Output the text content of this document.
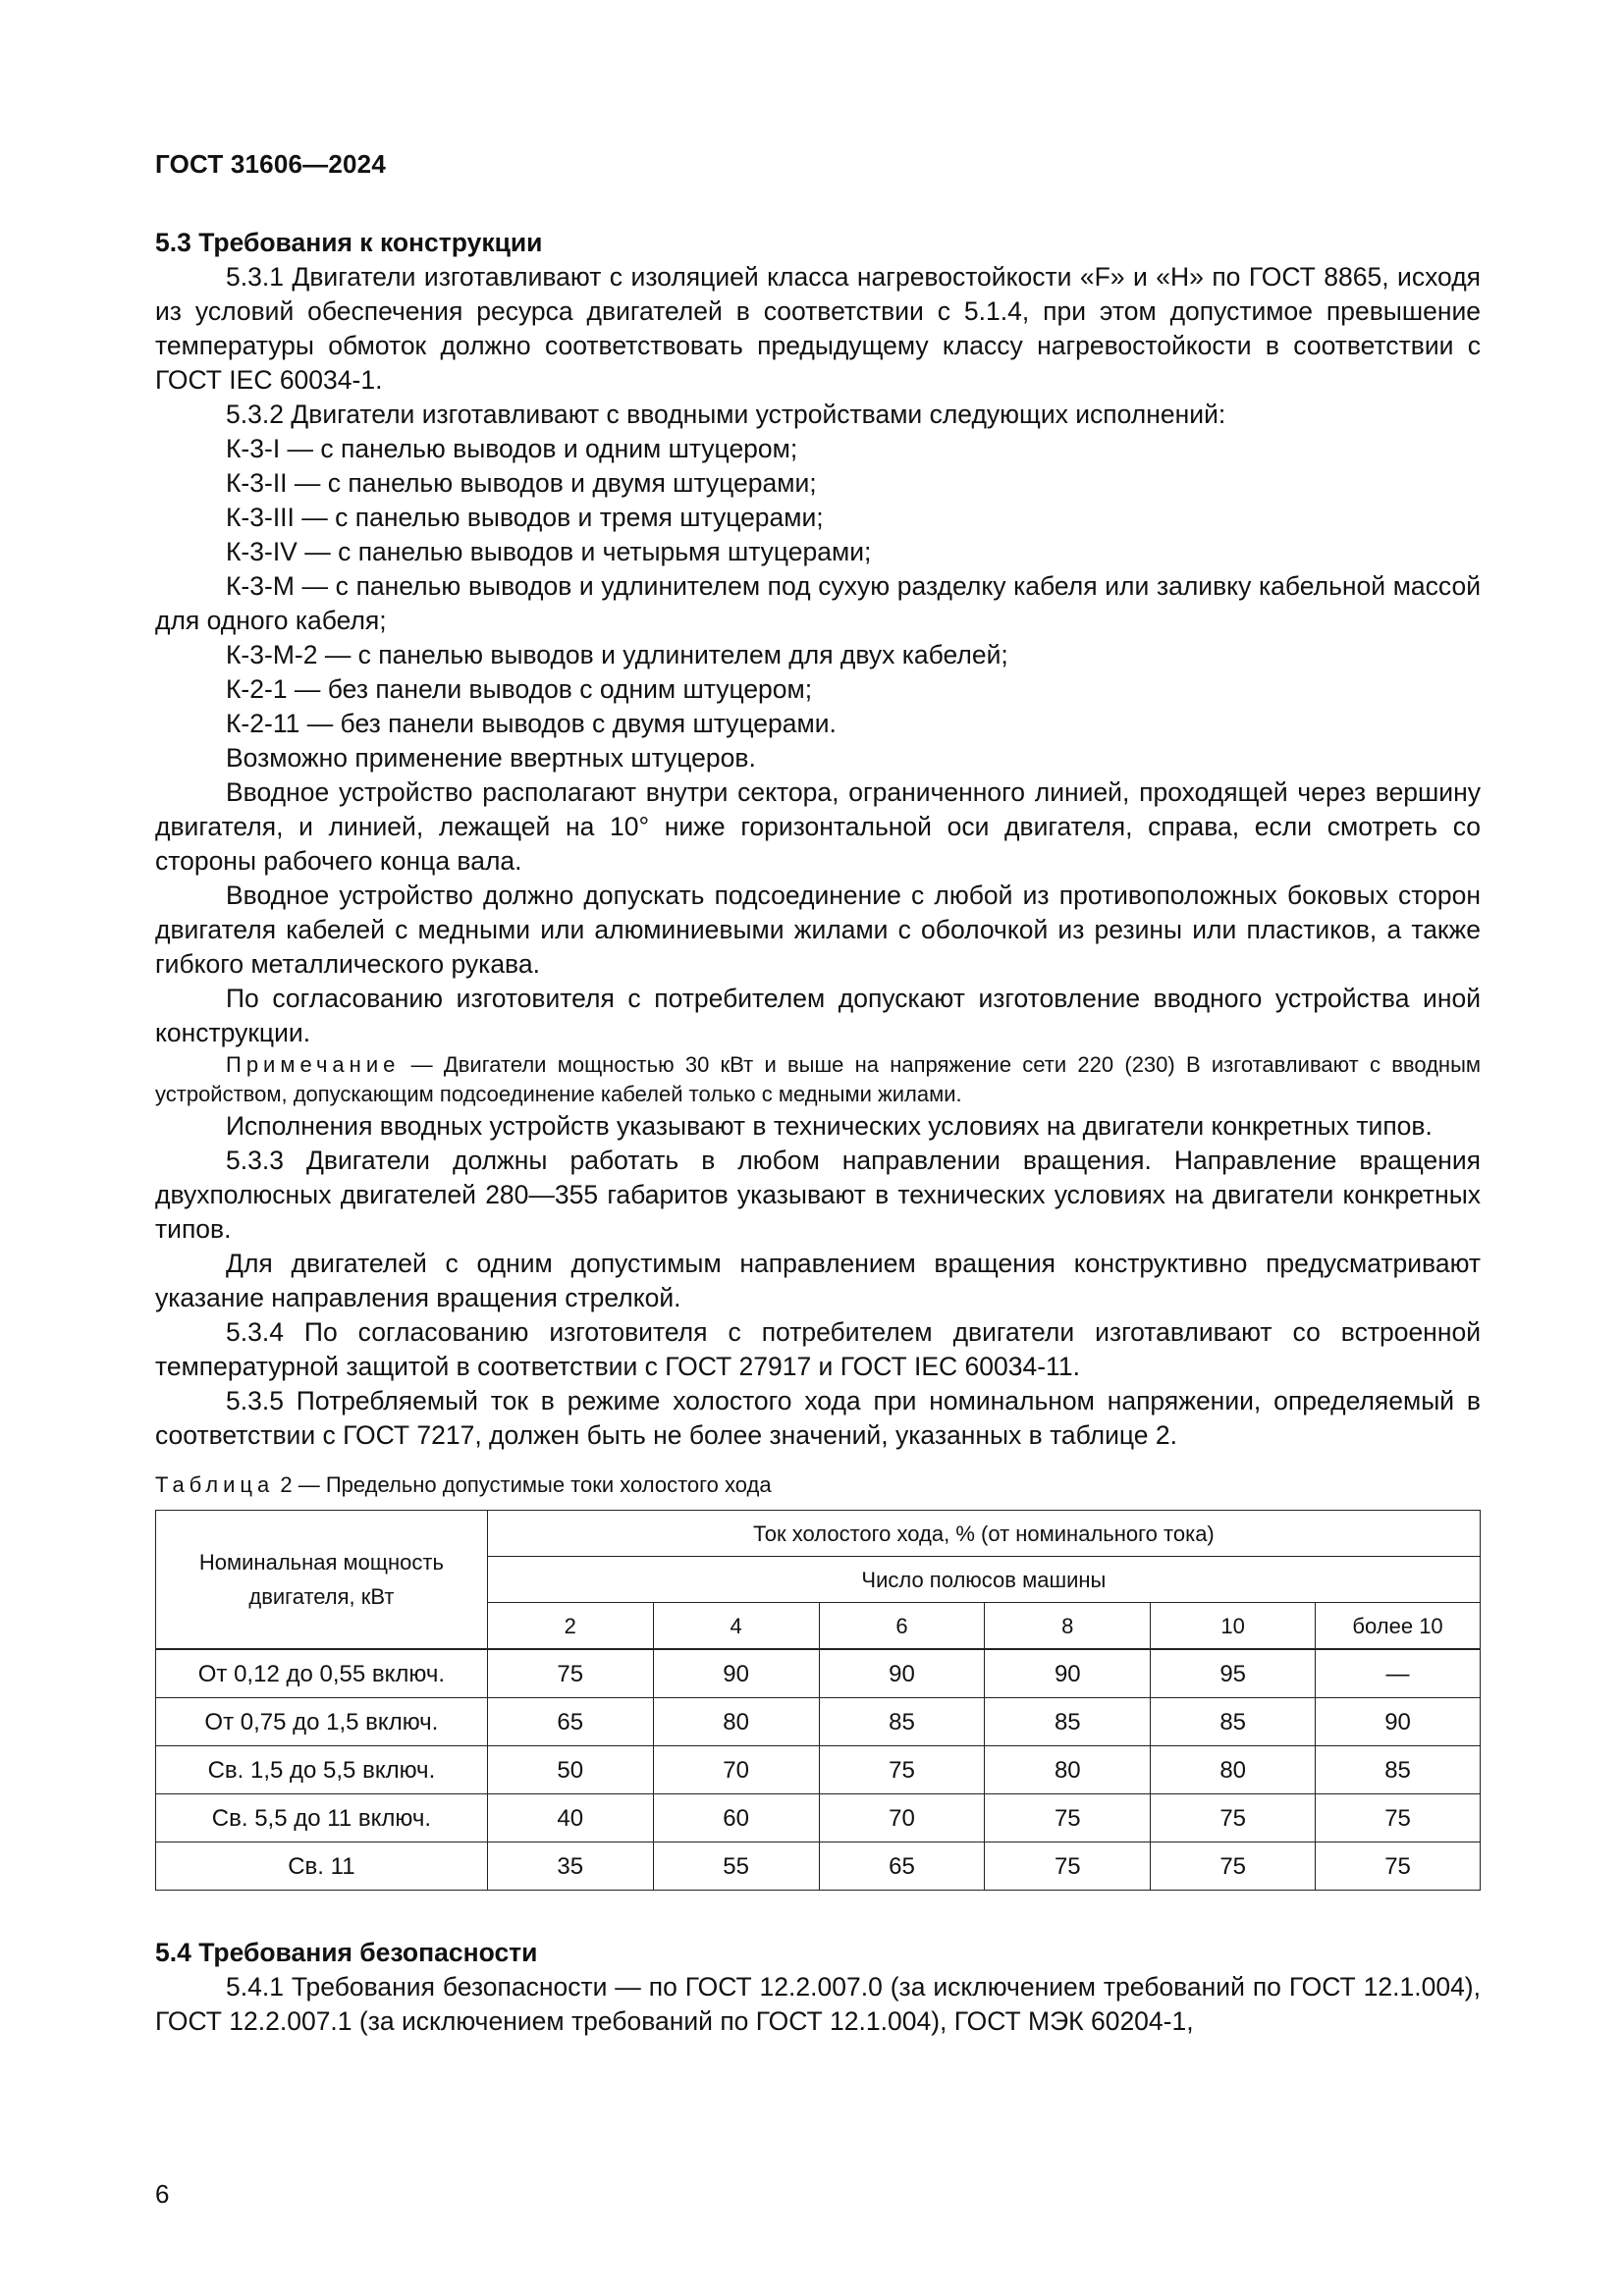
ГОСТ 31606—2024

5.3 Требования к конструкции

5.3.1 Двигатели изготавливают с изоляцией класса нагревостойкости «F» и «H» по ГОСТ 8865, исходя из условий обеспечения ресурса двигателей в соответствии с 5.1.4, при этом допустимое превышение температуры обмоток должно соответствовать предыдущему классу нагревостойкости в соответствии с ГОСТ IEC 60034-1.

5.3.2 Двигатели изготавливают с вводными устройствами следующих исполнений:

К-3-I — с панелью выводов и одним штуцером;

К-3-II — с панелью выводов и двумя штуцерами;

К-3-III — с панелью выводов и тремя штуцерами;

К-3-IV — с панелью выводов и четырьмя штуцерами;

К-3-М — с панелью выводов и удлинителем под сухую разделку кабеля или заливку кабельной массой для одного кабеля;

К-3-М-2 — с панелью выводов и удлинителем для двух кабелей;

К-2-1 — без панели выводов с одним штуцером;

К-2-11 — без панели выводов с двумя штуцерами.

Возможно применение ввертных штуцеров.

Вводное устройство располагают внутри сектора, ограниченного линией, проходящей через вершину двигателя, и линией, лежащей на 10° ниже горизонтальной оси двигателя, справа, если смотреть со стороны рабочего конца вала.

Вводное устройство должно допускать подсоединение с любой из противоположных боковых сторон двигателя кабелей с медными или алюминиевыми жилами с оболочкой из резины или пластиков, а также гибкого металлического рукава.

По согласованию изготовителя с потребителем допускают изготовление вводного устройства иной конструкции.

Примечание — Двигатели мощностью 30 кВт и выше на напряжение сети 220 (230) В изготавливают с вводным устройством, допускающим подсоединение кабелей только с медными жилами.

Исполнения вводных устройств указывают в технических условиях на двигатели конкретных типов.

5.3.3 Двигатели должны работать в любом направлении вращения. Направление вращения двухполюсных двигателей 280—355 габаритов указывают в технических условиях на двигатели конкретных типов.

Для двигателей с одним допустимым направлением вращения конструктивно предусматривают указание направления вращения стрелкой.

5.3.4 По согласованию изготовителя с потребителем двигатели изготавливают со встроенной температурной защитой в соответствии с ГОСТ 27917 и ГОСТ IEC 60034-11.

5.3.5 Потребляемый ток в режиме холостого хода при номинальном напряжении, определяемый в соответствии с ГОСТ 7217, должен быть не более значений, указанных в таблице 2.

Таблица 2 — Предельно допустимые токи холостого хода
Номинальная мощность двигателя, кВт	Ток холостого хода, % (от номинального тока)					
	Число полюсов машины					
	2	4	6	8	10	более 10
От 0,12 до 0,55 включ.	75	90	90	90	95	—
От 0,75 до 1,5 включ.	65	80	85	85	85	90
Св. 1,5 до 5,5 включ.	50	70	75	80	80	85
Св. 5,5 до 11 включ.	40	60	70	75	75	75
Св. 11	35	55	65	75	75	75

5.4 Требования безопасности

5.4.1 Требования безопасности — по ГОСТ 12.2.007.0 (за исключением требований по ГОСТ 12.1.004), ГОСТ 12.2.007.1 (за исключением требований по ГОСТ 12.1.004), ГОСТ МЭК 60204-1,

6
